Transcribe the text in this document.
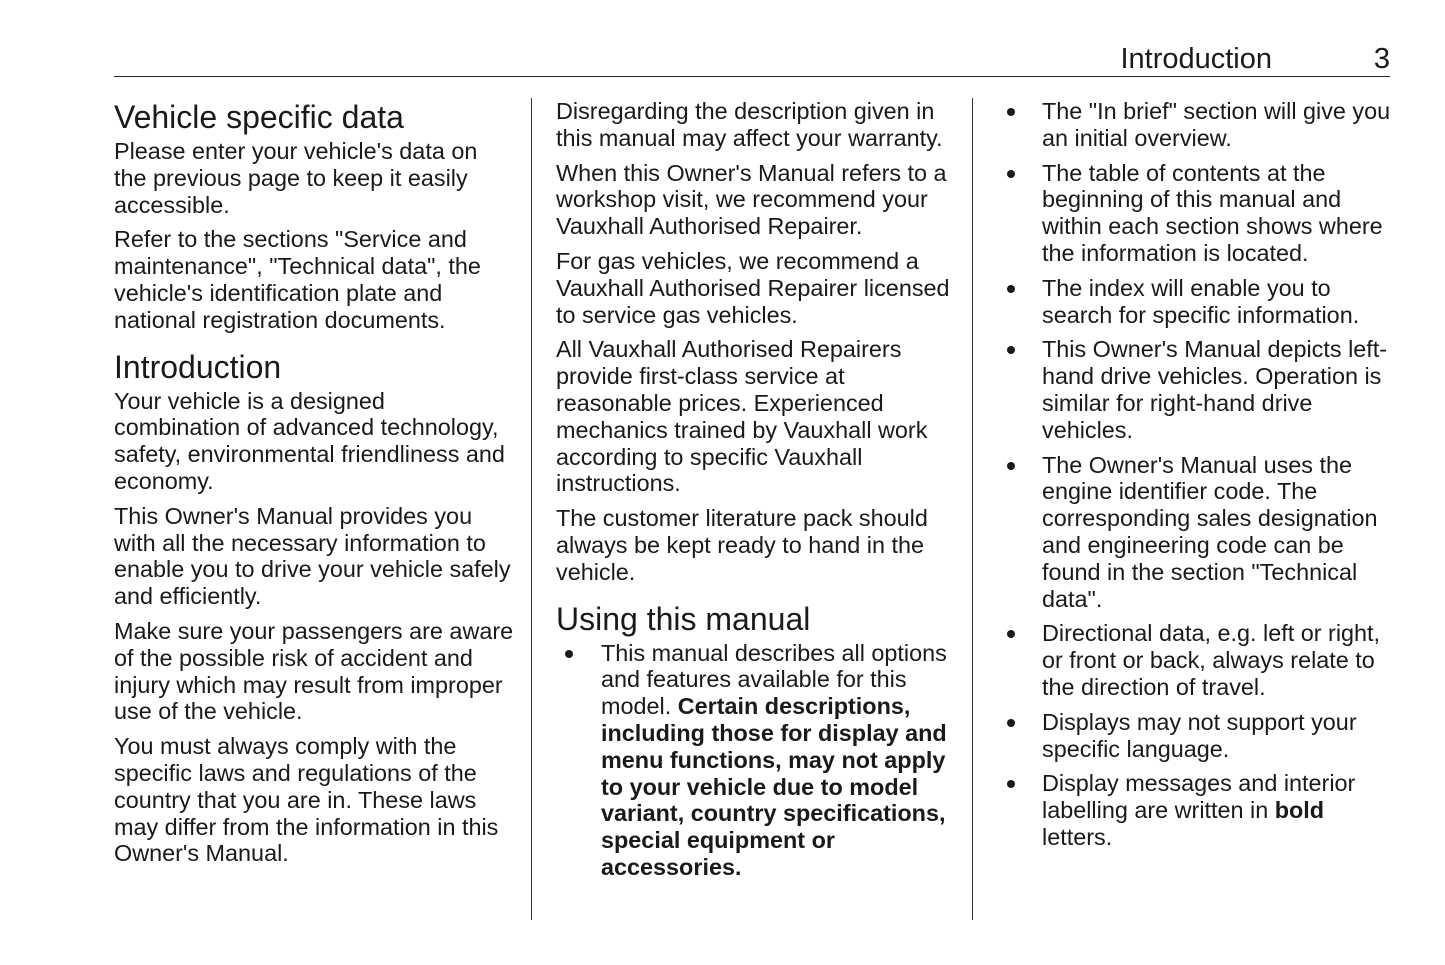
Introduction	3
Vehicle specific data

Please enter your vehicle's data on the previous page to keep it easily accessible.

Refer to the sections "Service and maintenance", "Technical data", the vehicle's identification plate and national registration documents.

Introduction

Your vehicle is a designed combination of advanced technology, safety, environmental friendliness and economy.

This Owner's Manual provides you with all the necessary information to enable you to drive your vehicle safely and efficiently.

Make sure your passengers are aware of the possible risk of accident and injury which may result from improper use of the vehicle.

You must always comply with the specific laws and regulations of the country that you are in. These laws may differ from the information in this Owner's Manual.

Disregarding the description given in this manual may affect your warranty.

When this Owner's Manual refers to a workshop visit, we recommend your Vauxhall Authorised Repairer.

For gas vehicles, we recommend a Vauxhall Authorised Repairer licensed to service gas vehicles.

All Vauxhall Authorised Repairers provide first-class service at reasonable prices. Experienced mechanics trained by Vauxhall work according to specific Vauxhall instructions.

The customer literature pack should always be kept ready to hand in the vehicle.

Using this manual
This manual describes all options and features available for this model. Certain descriptions, including those for display and menu functions, may not apply to your vehicle due to model variant, country specifications, special equipment or accessories.
The "In brief" section will give you an initial overview.
The table of contents at the beginning of this manual and within each section shows where the information is located.
The index will enable you to search for specific information.
This Owner's Manual depicts left-hand drive vehicles. Operation is similar for right-hand drive vehicles.
The Owner's Manual uses the engine identifier code. The corresponding sales designation and engineering code can be found in the section "Technical data".
Directional data, e.g. left or right, or front or back, always relate to the direction of travel.
Displays may not support your specific language.
Display messages and interior labelling are written in bold letters.
